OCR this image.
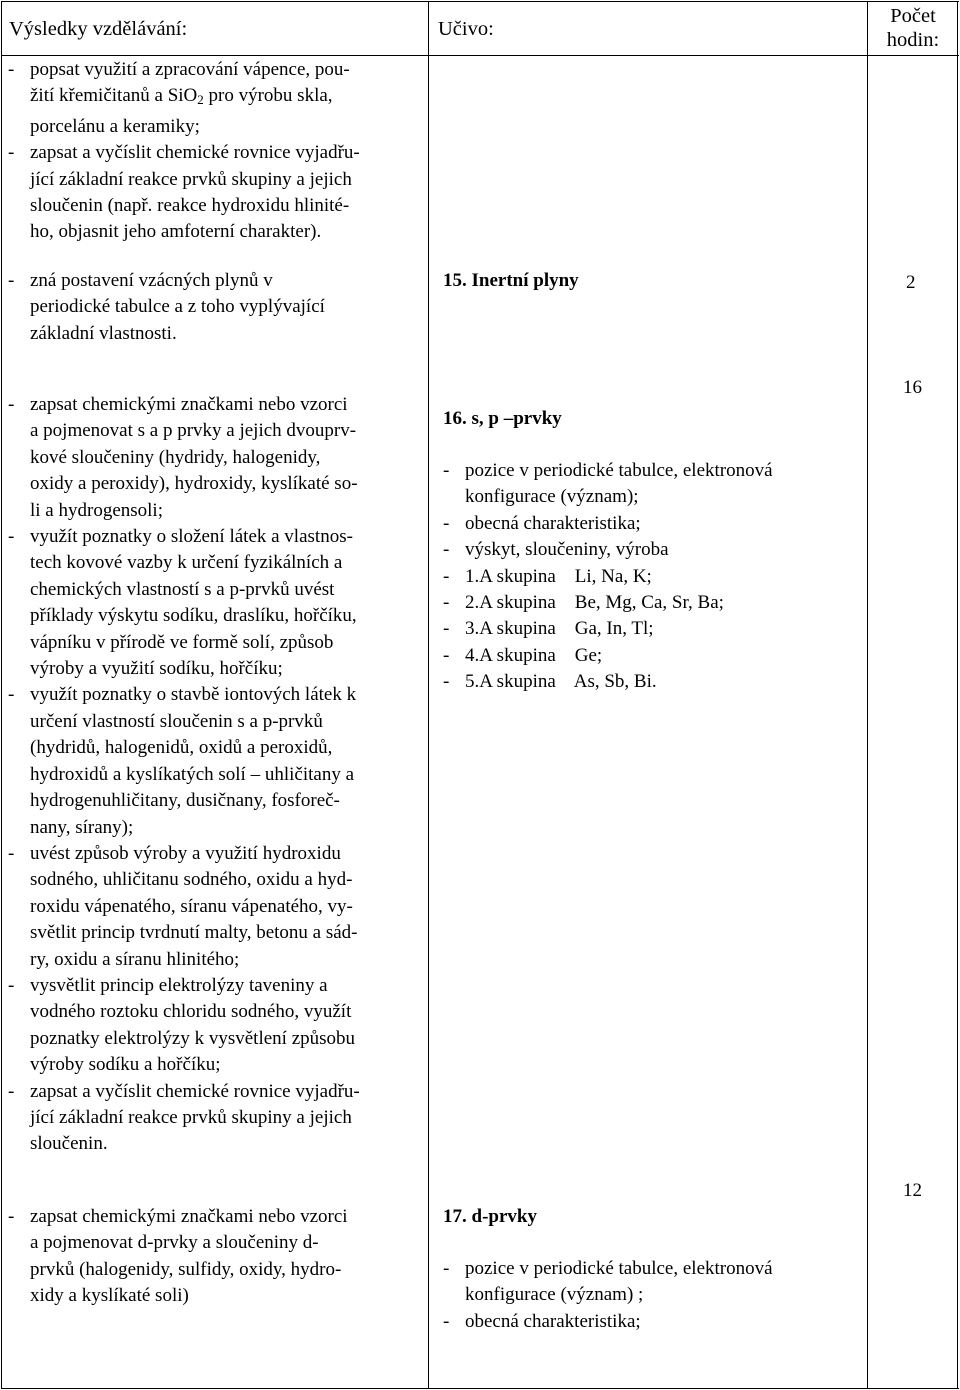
Výsledky vzdělávání:	Učivo:
Počet
hodin:
- popsat využití a zpracování vápence, pou-
žití křemičitanů a SiO$_2$ pro výrobu skla,
porcelánu a keramiky;
- zapsat a vyčíslit chemické rovnice vyjadřu-
jící základní reakce prvků skupiny a jejich
sloučenin (např. reakce hydroxidu hlinité-
ho, objasnit jeho amfoterní charakter).
- zná postavení vzácných plynů v
periodické tabulce a z toho vyplývající
základní vlastnosti.
15. Inertní plyny	2
16
16. s, p –prvky
- pozice v periodické tabulce, elektronová
konfigurace (význam);
- obecná charakteristika;
- výskyt, sloučeniny, výroba
- 1.A skupina    Li, Na, K;
- 2.A skupina    Be, Mg, Ca, Sr, Ba;
- 3.A skupina    Ga, In, Tl;
- 4.A skupina    Ge;
- 5.A skupina    As, Sb, Bi.
- zapsat chemickými značkami nebo vzorci
a pojmenovat s a p prvky a jejich dvouprv-
kové sloučeniny (hydridy, halogenidy,
oxidy a peroxidy), hydroxidy, kyslíkaté so-
li a hydrogensoli;
- využít poznatky o složení látek a vlastnos-
tech kovové vazby k určení fyzikálních a
chemických vlastností s a p-prvků uvést
příklady výskytu sodíku, draslíku, hořčíku,
vápníku v přírodě ve formě solí, způsob
výroby a využití sodíku, hořčíku;
- využít poznatky o stavbě iontových látek k
určení vlastností sloučenin s a p-prvků
(hydridů, halogenidů, oxidů a peroxidů,
hydroxidů a kyslíkatých solí – uhličitany a
hydrogenuhličitany, dusičnany, fosforeč-
nany, sírany);
- uvést způsob výroby a využití hydroxidu
sodného, uhličitanu sodného, oxidu a hyd-
roxidu vápenatého, síranu vápenatého, vy-
světlit princip tvrdnutí malty, betonu a sád-
ry, oxidu a síranu hlinitého;
- vysvětlit princip elektrolýzy taveniny a
vodného roztoku chloridu sodného, využít
poznatky elektrolýzy k vysvětlení způsobu
výroby sodíku a hořčíku;
- zapsat a vyčíslit chemické rovnice vyjadřu-
jící základní reakce prvků skupiny a jejich
sloučenin.
12
17. d-prvky
- pozice v periodické tabulce, elektronová
konfigurace (význam) ;
- obecná charakteristika;
- zapsat chemickými značkami nebo vzorci
a pojmenovat d-prvky a sloučeniny d-
prvků (halogenidy, sulfidy, oxidy, hydro-
xidy a kyslíkaté soli)
